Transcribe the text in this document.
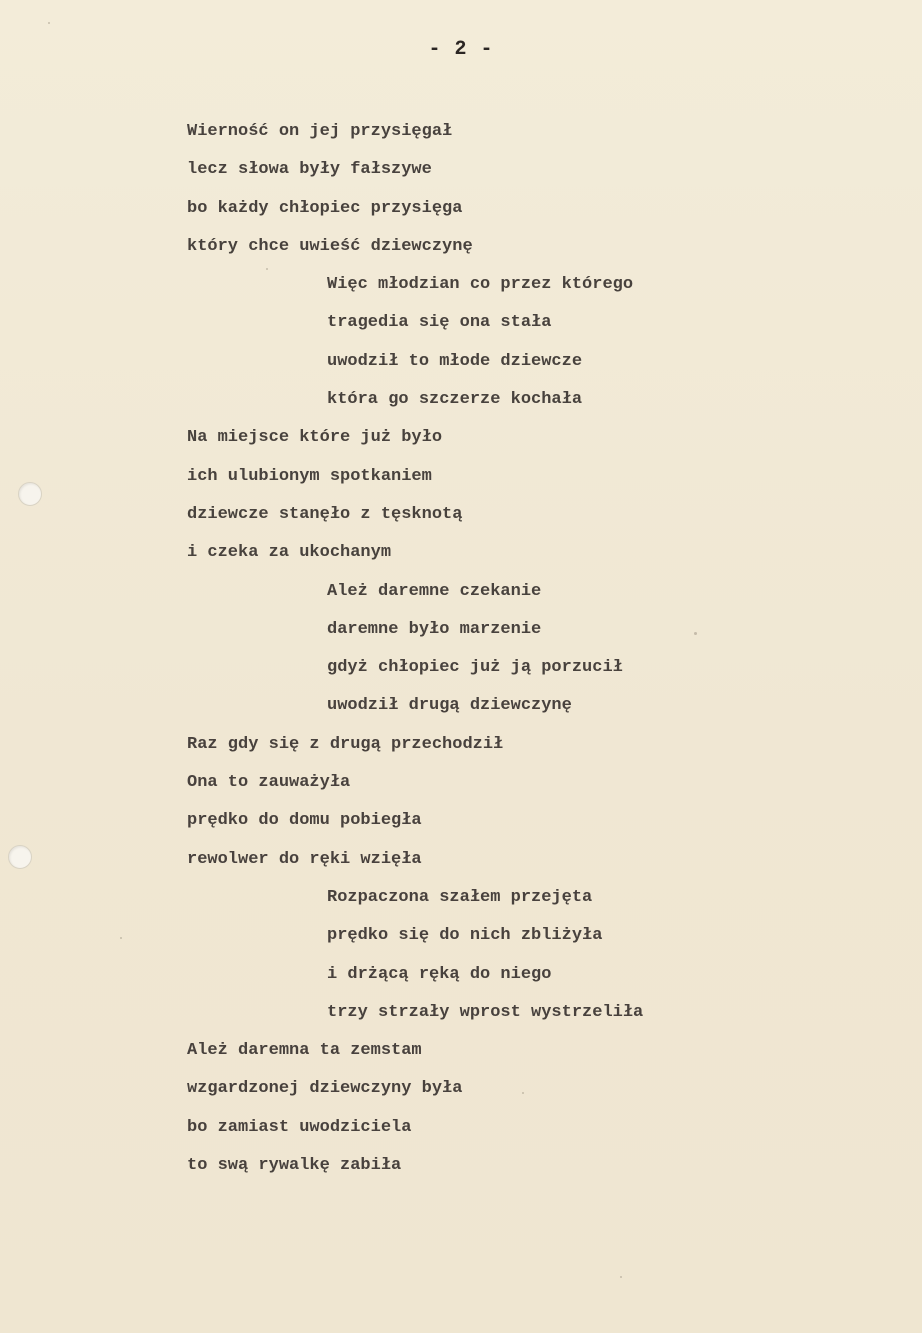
- 2 -
Wierność on jej przysięgał
lecz słowa były fałszywe
bo każdy chłopiec przysięga
który chce uwieść dziewczynę
Więc młodzian co przez którego
tragedia się ona stała
uwodził to młode dziewcze
która go szczerze kochała
Na miejsce które już było
ich ulubionym spotkaniem
dziewcze stanęło z tęsknotą
i czeka za ukochanym
Ależ daremne czekanie
daremne było marzenie
gdyż chłopiec już ją porzucił
uwodził drugą dziewczynę
Raz gdy się z drugą przechodził
Ona to zauważyła
prędko do domu pobiegła
rewolwer do ręki wzięła
Rozpaczona szałem przejęta
prędko się do nich zbliżyła
i drżącą ręką do niego
trzy strzały wprost wystrzeliła
Ależ daremna ta zemstam
wzgardzonej dziewczyny była
bo zamiast uwodziciela
to swą rywalkę zabiła
